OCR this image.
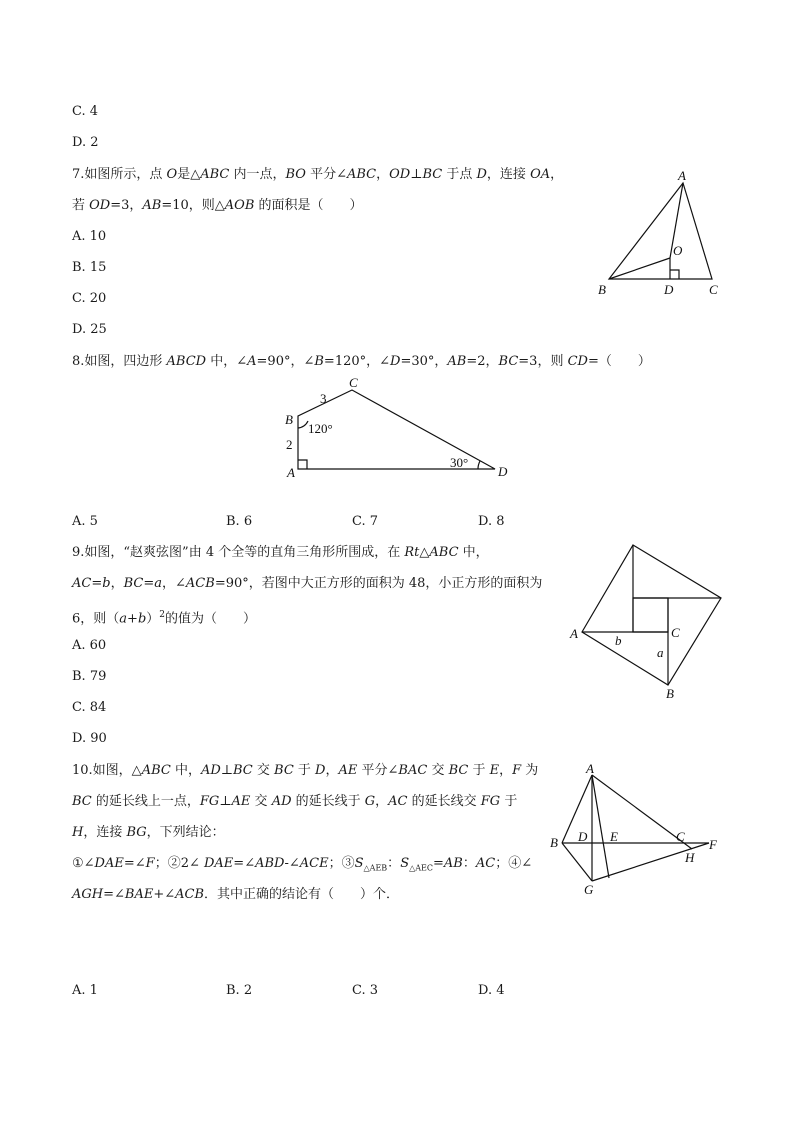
C. 4
D. 2
7.如图所示，点 O是△ABC 内一点，BO 平分∠ABC，OD⊥BC 于点 D，连接 OA，
若 OD=3，AB=10，则△AOB 的面积是（　　）
A. 10
B. 15
C. 20
D. 25
A
B	C
D
O
8.如图，四边形 ABCD 中，∠A=90°，∠B=120°，∠D=30°，AB=2，BC=3，则 CD=（　　）
A
B
C
D
2
3
120°
30°
A. 5	B. 6	C. 7	D. 8
9.如图，“赵爽弦图”由 4 个全等的直角三角形所围成，在 Rt△ABC 中，
AC=b，BC=a，∠ACB=90°，若图中大正方形的面积为 48，小正方形的面积为
6，则$(a+b)^2$的值为（　　）
A. 60
B. 79
C. 84
D. 90
A
B
C
a
b
10.如图，△ABC 中，AD⊥BC 交 BC 于 D，AE 平分∠BAC 交 BC 于 E，F 为
BC 的延长线上一点，FG⊥AE 交 AD 的延长线于 G，AC 的延长线交 FG 于
H，连接 BG，下列结论：
①∠DAE=∠F；②2∠ DAE=∠ABD-∠ACE；$③S_{\triangle AEB}$：$S_{\triangle AEC}=AB$：AC；④∠
AGH=∠BAE+∠ACB．其中正确的结论有（　　）个．
A
B	C
D E
F
G
H
A. 1	B. 2	C. 3	D. 4
